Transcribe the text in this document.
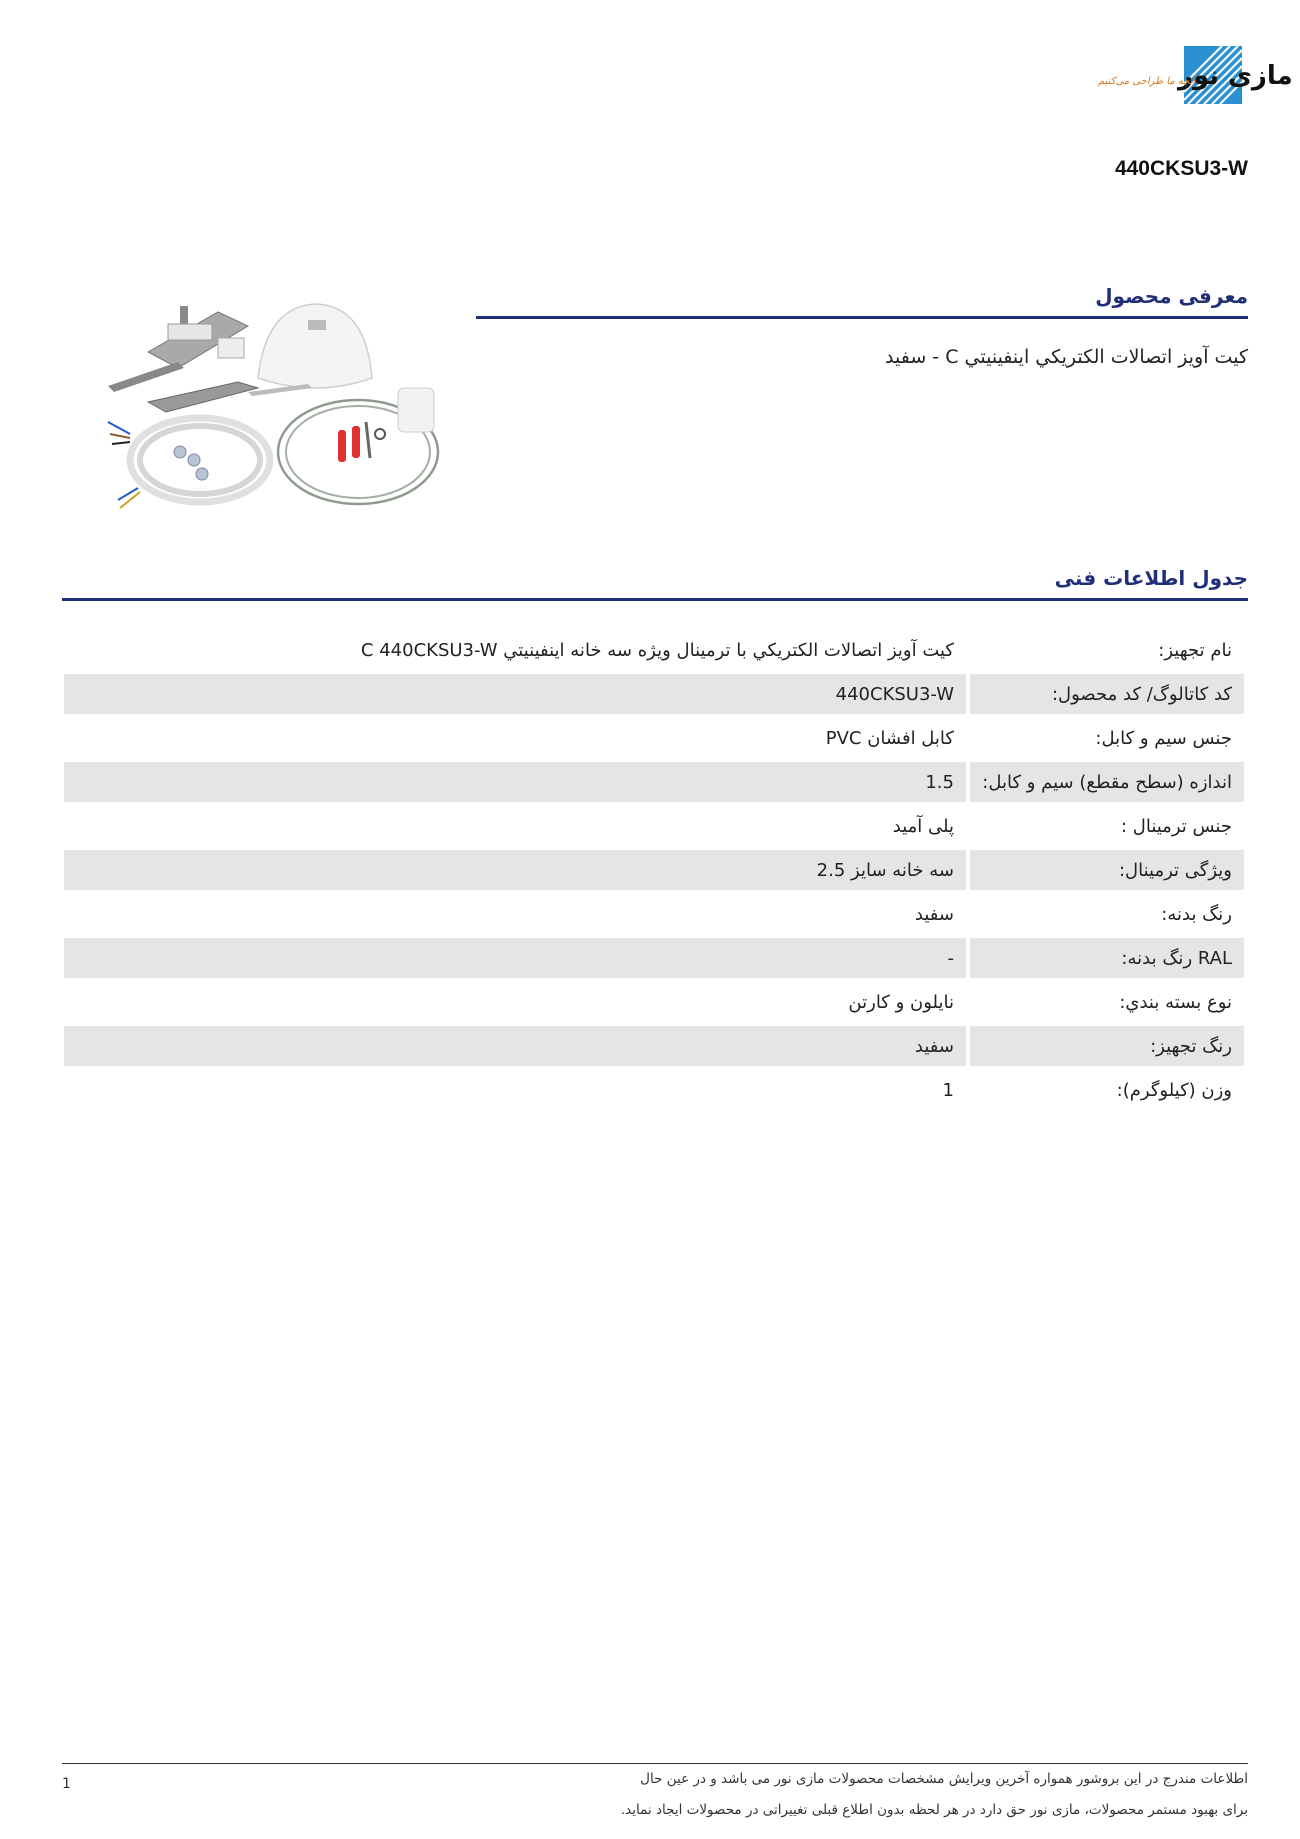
مازی نور
آنچه ما طراحی می‌کنیم
440CKSU3-W
معرفی محصول
کیت آویز اتصالات الکتریکي اینفینیتي C - سفید
جدول اطلاعات فنی
نام تجهیز:		کیت آویز اتصالات الکتریکي با ترمینال ویژه سه خانه اینفینیتي C 440CKSU3-W
کد کاتالوگ/ کد محصول:		440CKSU3-W
جنس سیم و کابل:		کابل افشان PVC
اندازه (سطح مقطع) سیم و کابل:		1.5
جنس ترمینال :		پلی آمید
ویژگی ترمینال:		سه خانه سایز 2.5
رنگ بدنه:		سفید
RAL رنگ بدنه:		-
نوع بسته بندي:		نایلون و کارتن
رنگ تجهیز:		سفید
وزن (کیلوگرم):		1
1	اطلاعات مندرج در این بروشور همواره آخرین ویرایش مشخصات محصولات مازی نور می باشد و در عین حال
برای بهبود مستمر محصولات، مازی نور حق دارد در هر لحظه بدون اطلاع قبلی تغییراتی در محصولات ایجاد نماید.
